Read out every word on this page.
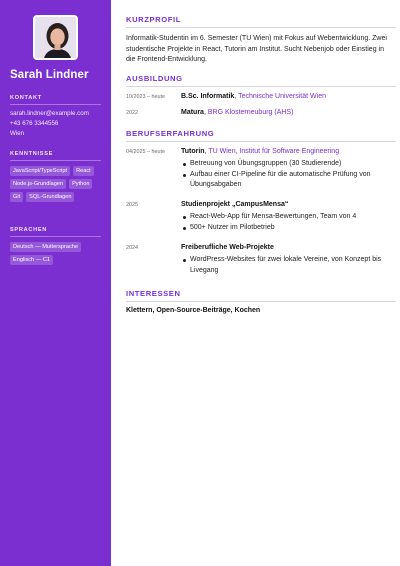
Sarah Lindner
KONTAKT
sarah.lindner@example.com
+43 676 3344556
Wien
KENNTNISSE
JavaScript/TypeScript	React
Node.js-Grundlagen	Python
Git	SQL-Grundlagen
SPRACHEN
Deutsch — Muttersprache
Englisch — C1
KURZPROFIL
Informatik-Studentin im 6. Semester (TU Wien) mit Fokus auf Webentwicklung. Zwei studentische Projekte in React, Tutorin am Institut. Sucht Nebenjob oder Einstieg in die Frontend-Entwicklung.
AUSBILDUNG
10/2023 – heute B.Sc. Informatik, Technische Universität Wien
2022	Matura, BRG Klosterneuburg (AHS)
BERUFSERFAHRUNG
04/2025 – heute Tutorin, TU Wien, Institut für Software Engineering
Betreuung von Übungsgruppen (30 Studierende)
Aufbau einer CI-Pipeline für die automatische Prüfung von Übungsabgaben
2025	Studienprojekt „CampusMensa“
React-Web-App für Mensa-Bewertungen, Team von 4
500+ Nutzer im Pilotbetrieb
2024	Freiberufliche Web-Projekte
WordPress-Websites für zwei lokale Vereine, von Konzept bis Livegang
INTERESSEN
Klettern, Open-Source-Beiträge, Kochen
